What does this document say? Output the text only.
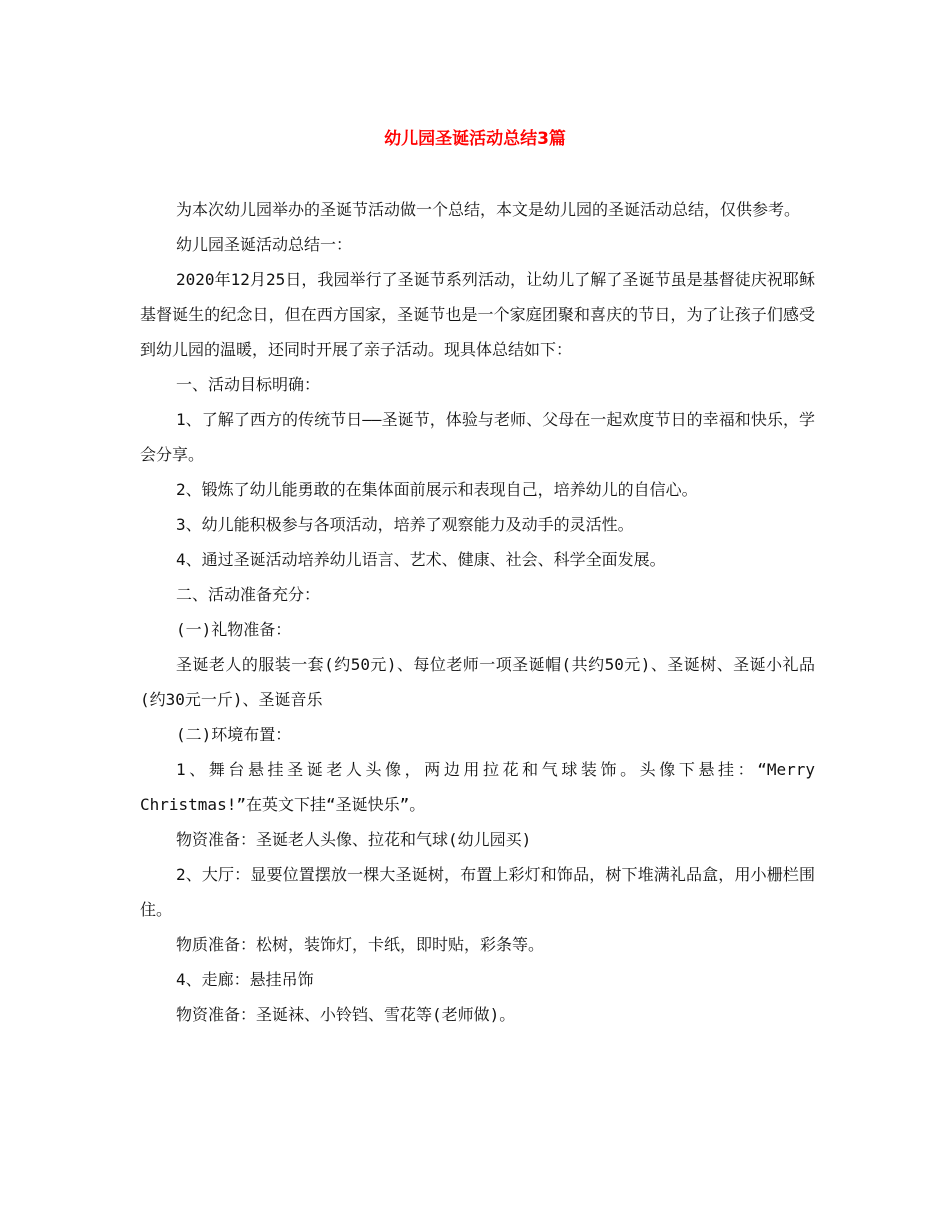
幼儿园圣诞活动总结3篇

为本次幼儿园举办的圣诞节活动做一个总结，本文是幼儿园的圣诞活动总结，仅供参考。

幼儿园圣诞活动总结一：

2020年12月25日，我园举行了圣诞节系列活动，让幼儿了解了圣诞节虽是基督徒庆祝耶稣基督诞生的纪念日，但在西方国家，圣诞节也是一个家庭团聚和喜庆的节日，为了让孩子们感受到幼儿园的温暖，还同时开展了亲子活动。现具体总结如下：

一、活动目标明确：

1、了解了西方的传统节日——圣诞节，体验与老师、父母在一起欢度节日的幸福和快乐，学会分享。

2、锻炼了幼儿能勇敢的在集体面前展示和表现自己，培养幼儿的自信心。

3、幼儿能积极参与各项活动，培养了观察能力及动手的灵活性。

4、通过圣诞活动培养幼儿语言、艺术、健康、社会、科学全面发展。

二、活动准备充分：

(一)礼物准备：

圣诞老人的服装一套(约50元)、每位老师一项圣诞帽(共约50元)、圣诞树、圣诞小礼品(约30元一斤)、圣诞音乐

(二)环境布置：

1、舞台悬挂圣诞老人头像，两边用拉花和气球装饰。头像下悬挂：“Merry Christmas!”在英文下挂“圣诞快乐”。

物资准备：圣诞老人头像、拉花和气球(幼儿园买)

2、大厅：显要位置摆放一棵大圣诞树，布置上彩灯和饰品，树下堆满礼品盒，用小栅栏围住。

物质准备：松树，装饰灯，卡纸，即时贴，彩条等。

4、走廊：悬挂吊饰

物资准备：圣诞袜、小铃铛、雪花等(老师做)。
